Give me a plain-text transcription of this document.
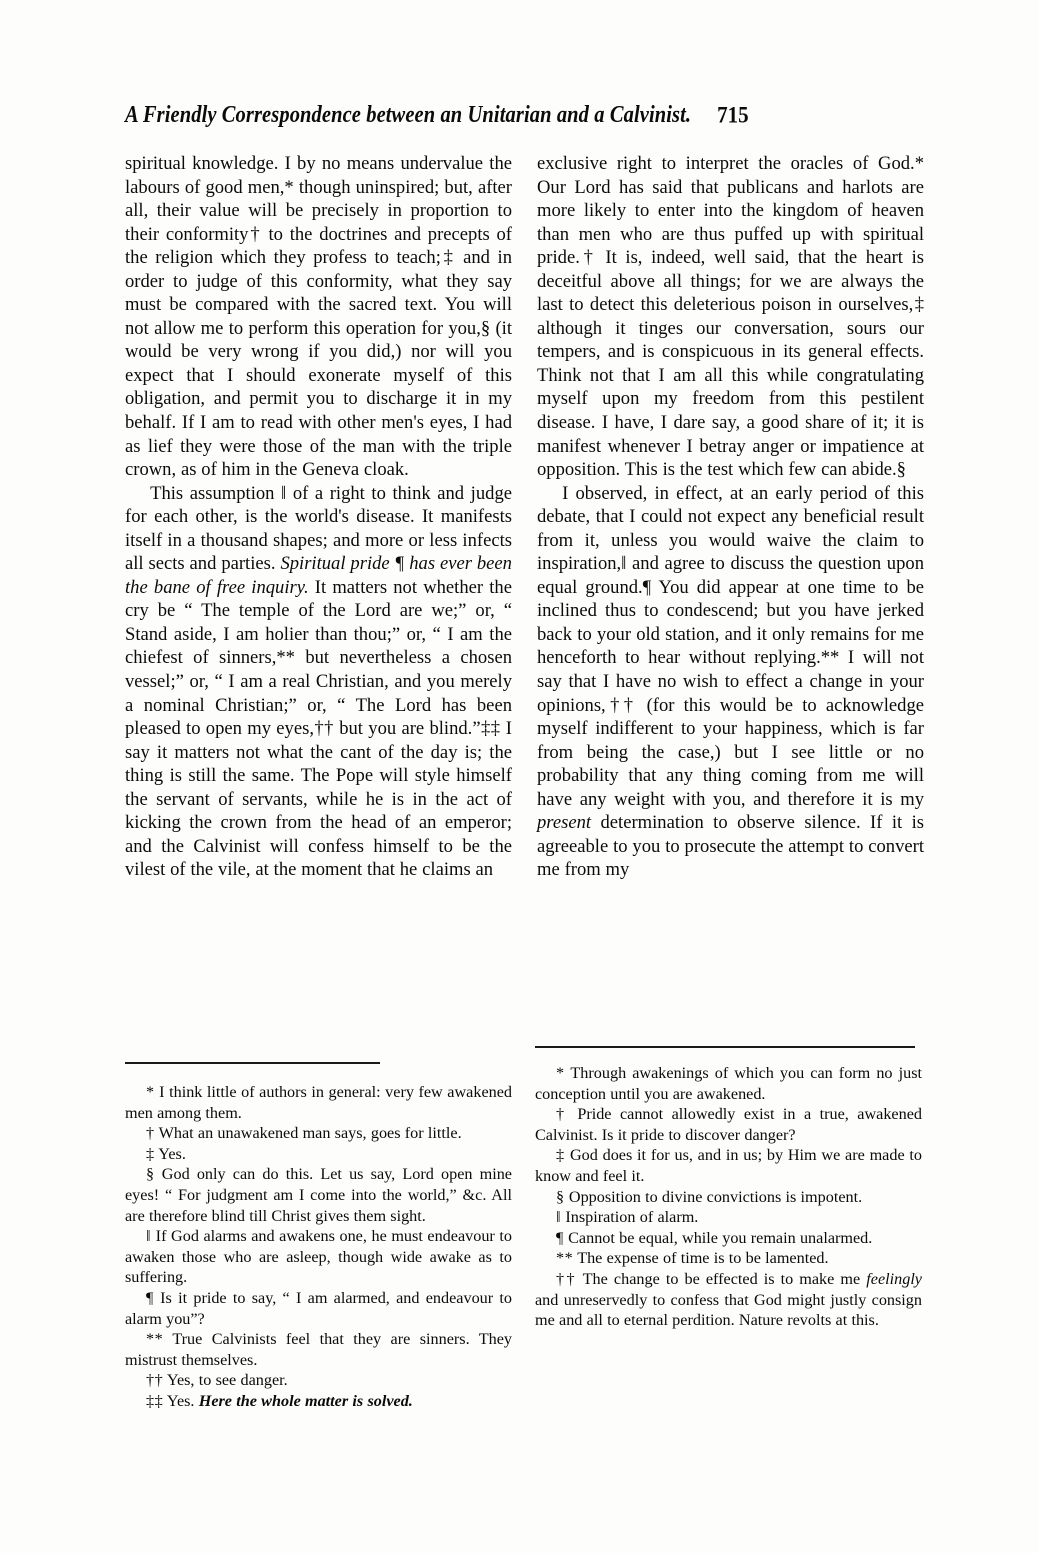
A Friendly Correspondence between an Unitarian and a Calvinist. 715

spiritual knowledge. I by no means undervalue the labours of good men,* though uninspired; but, after all, their value will be precisely in proportion to their conformity† to the doctrines and precepts of the religion which they profess to teach;‡ and in order to judge of this conformity, what they say must be compared with the sacred text. You will not allow me to perform this operation for you,§ (it would be very wrong if you did,) nor will you expect that I should exonerate myself of this obligation, and permit you to discharge it in my behalf. If I am to read with other men's eyes, I had as lief they were those of the man with the triple crown, as of him in the Geneva cloak.

This assumption ‖ of a right to think and judge for each other, is the world's disease. It manifests itself in a thousand shapes; and more or less infects all sects and parties. Spiritual pride ¶ has ever been the bane of free inquiry. It matters not whether the cry be “ The temple of the Lord are we;” or, “ Stand aside, I am holier than thou;” or, “ I am the chiefest of sinners,** but nevertheless a chosen vessel;” or, “ I am a real Christian, and you merely a nominal Christian;” or, “ The Lord has been pleased to open my eyes,†† but you are blind.”‡‡ I say it matters not what the cant of the day is; the thing is still the same. The Pope will style himself the servant of servants, while he is in the act of kicking the crown from the head of an emperor; and the Calvinist will confess himself to be the vilest of the vile, at the moment that he claims an

exclusive right to interpret the oracles of God.* Our Lord has said that publicans and harlots are more likely to enter into the kingdom of heaven than men who are thus puffed up with spiritual pride.† It is, indeed, well said, that the heart is deceitful above all things; for we are always the last to detect this deleterious poison in ourselves,‡ although it tinges our conversation, sours our tempers, and is conspicuous in its general effects. Think not that I am all this while congratulating myself upon my freedom from this pestilent disease. I have, I dare say, a good share of it; it is manifest whenever I betray anger or impatience at opposition. This is the test which few can abide.§

I observed, in effect, at an early period of this debate, that I could not expect any beneficial result from it, unless you would waive the claim to inspiration,‖ and agree to discuss the question upon equal ground.¶ You did appear at one time to be inclined thus to condescend; but you have jerked back to your old station, and it only remains for me henceforth to hear without replying.** I will not say that I have no wish to effect a change in your opinions,†† (for this would be to acknowledge myself indifferent to your happiness, which is far from being the case,) but I see little or no probability that any thing coming from me will have any weight with you, and therefore it is my present determination to observe silence. If it is agreeable to you to prosecute the attempt to convert me from my

* I think little of authors in general: very few awakened men among them.

† What an unawakened man says, goes for little.

‡ Yes.

§ God only can do this. Let us say, Lord open mine eyes! “ For judgment am I come into the world,” &c. All are therefore blind till Christ gives them sight.

‖ If God alarms and awakens one, he must endeavour to awaken those who are asleep, though wide awake as to suffering.

¶ Is it pride to say, “ I am alarmed, and endeavour to alarm you”?

** True Calvinists feel that they are sinners. They mistrust themselves.

†† Yes, to see danger.

‡‡ Yes. Here the whole matter is solved.

* Through awakenings of which you can form no just conception until you are awakened.

† Pride cannot allowedly exist in a true, awakened Calvinist. Is it pride to discover danger?

‡ God does it for us, and in us; by Him we are made to know and feel it.

§ Opposition to divine convictions is impotent.

‖ Inspiration of alarm.

¶ Cannot be equal, while you remain unalarmed.

** The expense of time is to be lamented.

†† The change to be effected is to make me feelingly and unreservedly to confess that God might justly consign me and all to eternal perdition. Nature revolts at this.
